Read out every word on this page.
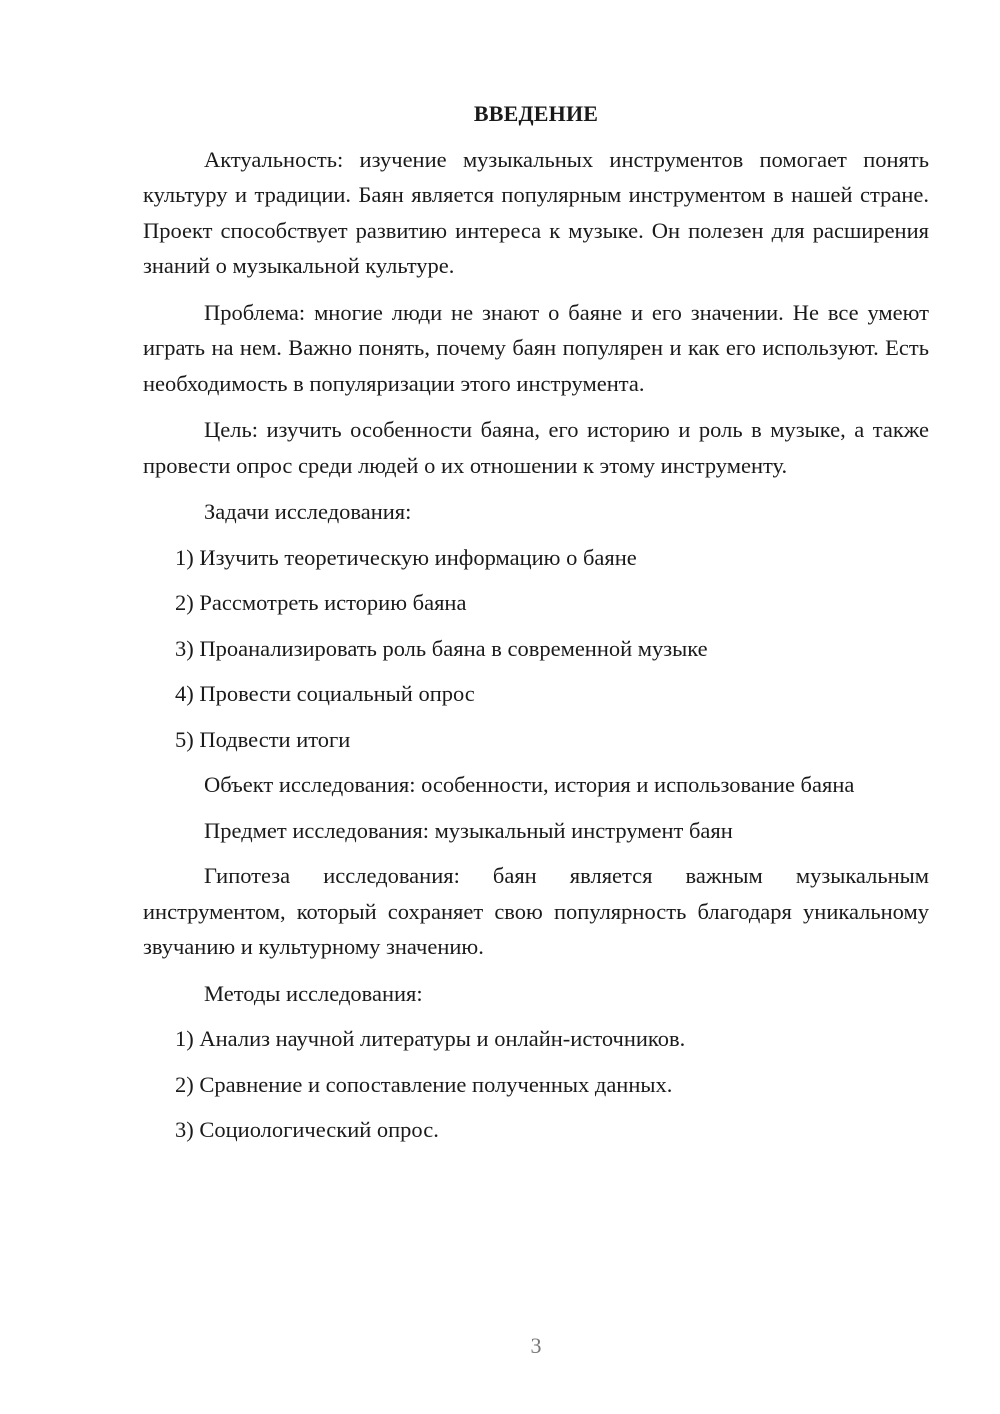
ВВЕДЕНИЕ

Актуальность: изучение музыкальных инструментов помогает понять культуру и традиции. Баян является популярным инструментом в нашей стране. Проект способствует развитию интереса к музыке. Он полезен для расширения знаний о музыкальной культуре.

Проблема: многие люди не знают о баяне и его значении. Не все умеют играть на нем. Важно понять, почему баян популярен и как его используют. Есть необходимость в популяризации этого инструмента.

Цель: изучить особенности баяна, его историю и роль в музыке, а также провести опрос среди людей о их отношении к этому инструменту.

Задачи исследования:
1) Изучить теоретическую информацию о баяне
2) Рассмотреть историю баяна
3) Проанализировать роль баяна в современной музыке
4) Провести социальный опрос
5) Подвести итоги
Объект исследования: особенности, история и использование баяна
Предмет исследования: музыкальный инструмент баян

Гипотеза исследования: баян является важным музыкальным инструментом, который сохраняет свою популярность благодаря уникальному звучанию и культурному значению.

Методы исследования:
1) Анализ научной литературы и онлайн-источников.
2) Сравнение и сопоставление полученных данных.
3) Социологический опрос.
3
